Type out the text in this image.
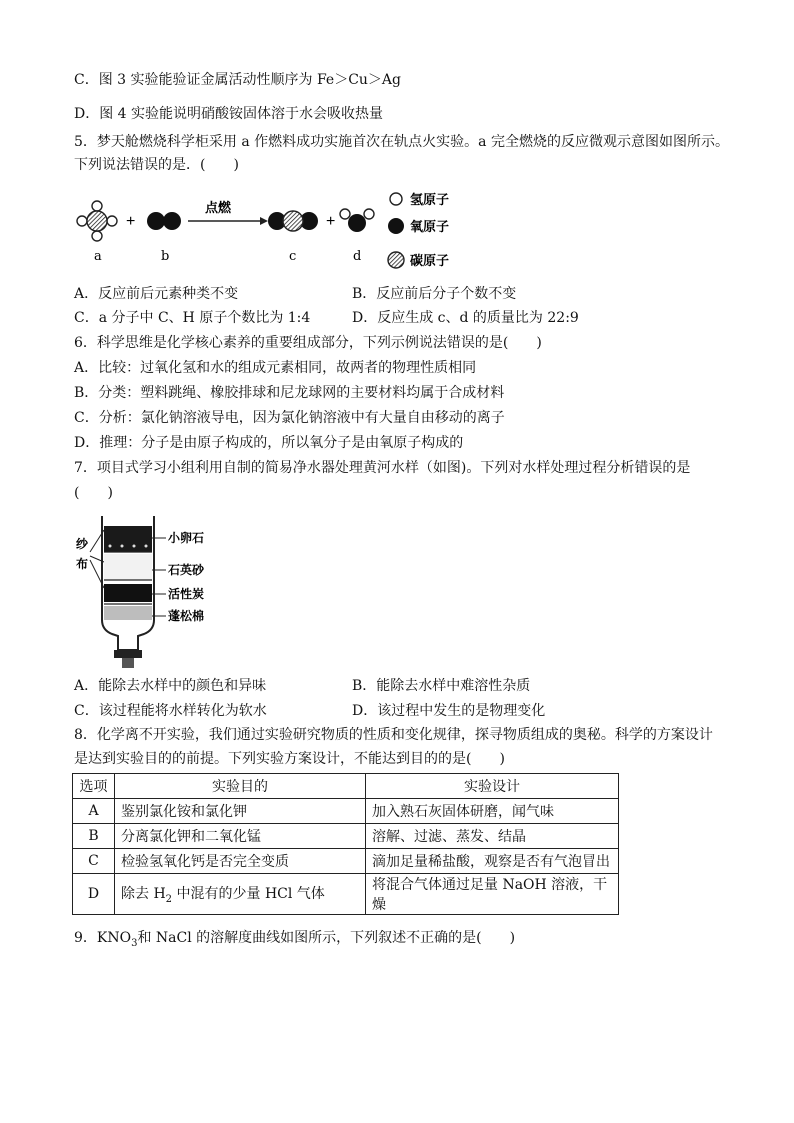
C．图 3 实验能验证金属活动性顺序为 Fe＞Cu＞Ag
D．图 4 实验能说明硝酸铵固体溶于水会吸收热量
5．梦天舱燃烧科学柜采用 a 作燃料成功实施首次在轨点火实验。a 完全燃烧的反应微观示意图如图所示。
下列说法错误的是．(　　)
+
点燃
+
a	b	c	d
氢原子
氧原子
碳原子
A．反应前后元素种类不变	B．反应前后分子个数不变
C．a 分子中 C、H 原子个数比为 1:4	D．反应生成 c、d 的质量比为 22:9
6．科学思维是化学核心素养的重要组成部分，下列示例说法错误的是(　　)
A．比较：过氧化氢和水的组成元素相同，故两者的物理性质相同
B．分类：塑料跳绳、橡胶排球和尼龙球网的主要材料均属于合成材料
C．分析：氯化钠溶液导电，因为氯化钠溶液中有大量自由移动的离子
D．推理：分子是由原子构成的，所以氧分子是由氧原子构成的
7．项目式学习小组利用自制的简易净水器处理黄河水样（如图)。下列对水样处理过程分析错误的是
(　　)
纱
布
小卵石
石英砂
活性炭
蓬松棉
A．能除去水样中的颜色和异味	B．能除去水样中难溶性杂质
C．该过程能将水样转化为软水	D．该过程中发生的是物理变化
8．化学离不开实验，我们通过实验研究物质的性质和变化规律，探寻物质组成的奥秘。科学的方案设计
是达到实验目的的前提。下列实验方案设计，不能达到目的的是(　　)
选项	实验目的	实验设计
A	鉴别氯化铵和氯化钾	加入熟石灰固体研磨，闻气味
B	分离氯化钾和二氧化锰	溶解、过滤、蒸发、结晶
C	检验氢氧化钙是否完全变质	滴加足量稀盐酸，观察是否有气泡冒出
D	除去 $H_2$ 中混有的少量 HCl 气体	将混合气体通过足量 NaOH 溶液，干燥
9．$KNO_3$和 NaCl 的溶解度曲线如图所示，下列叙述不正确的是(　　)
